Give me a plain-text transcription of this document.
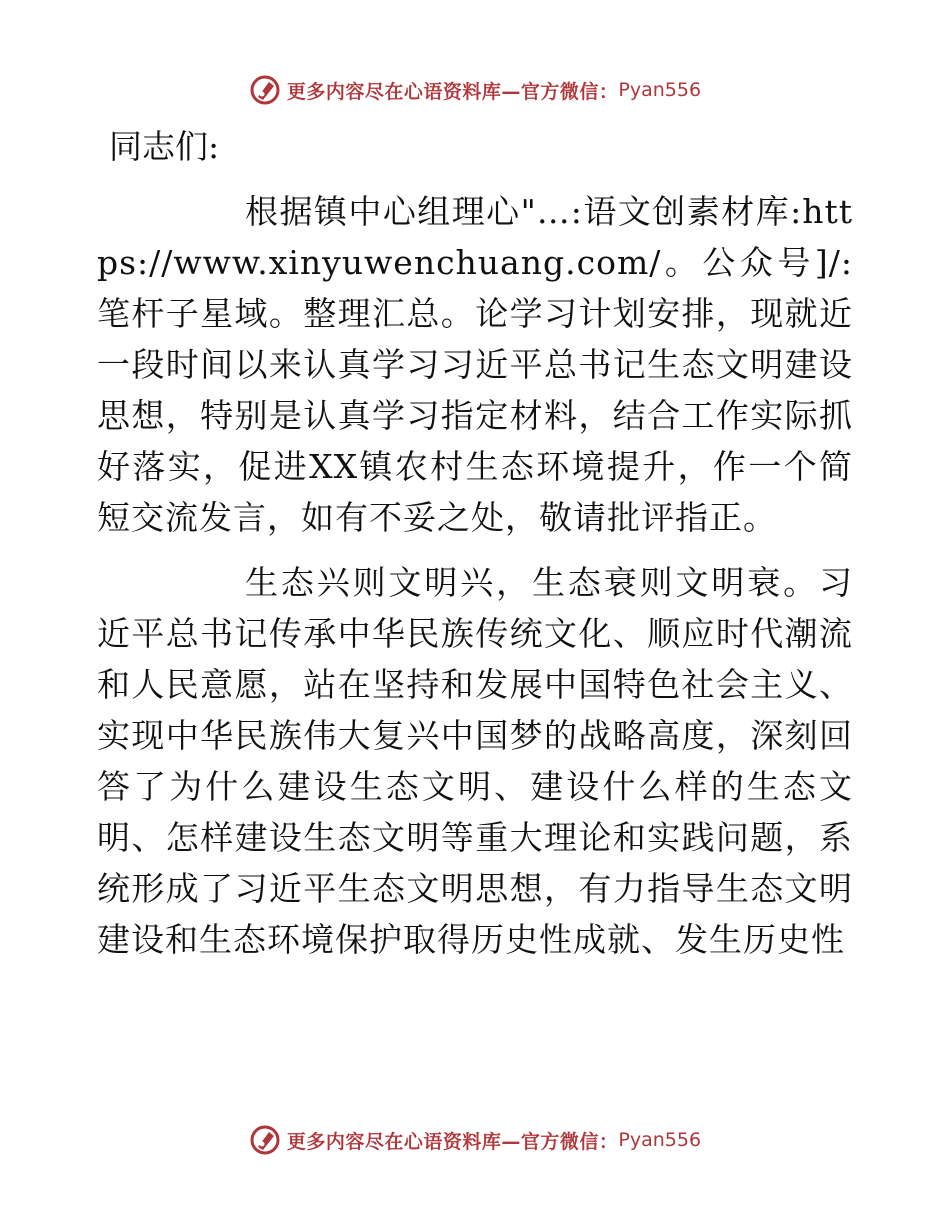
更多内容尽在心语资料库—官方微信： Pyan556
同志们:

根据镇中心组理心"…:语文创素材库:https://www.xinyuwenchuang.com/。公众号]/:笔杆子星域。整理汇总。论学习计划安排，现就近一段时间以来认真学习习近平总书记生态文明建设思想，特别是认真学习指定材料，结合工作实际抓好落实，促进XX镇农村生态环境提升，作一个简短交流发言，如有不妥之处，敬请批评指正。

生态兴则文明兴，生态衰则文明衰。习近平总书记传承中华民族传统文化、顺应时代潮流和人民意愿，站在坚持和发展中国特色社会主义、实现中华民族伟大复兴中国梦的战略高度，深刻回答了为什么建设生态文明、建设什么样的生态文明、怎样建设生态文明等重大理论和实践问题，系统形成了习近平生态文明思想，有力指导生态文明建设和生态环境保护取得历史性成就、发生历史性

更多内容尽在心语资料库—官方微信： Pyan556
